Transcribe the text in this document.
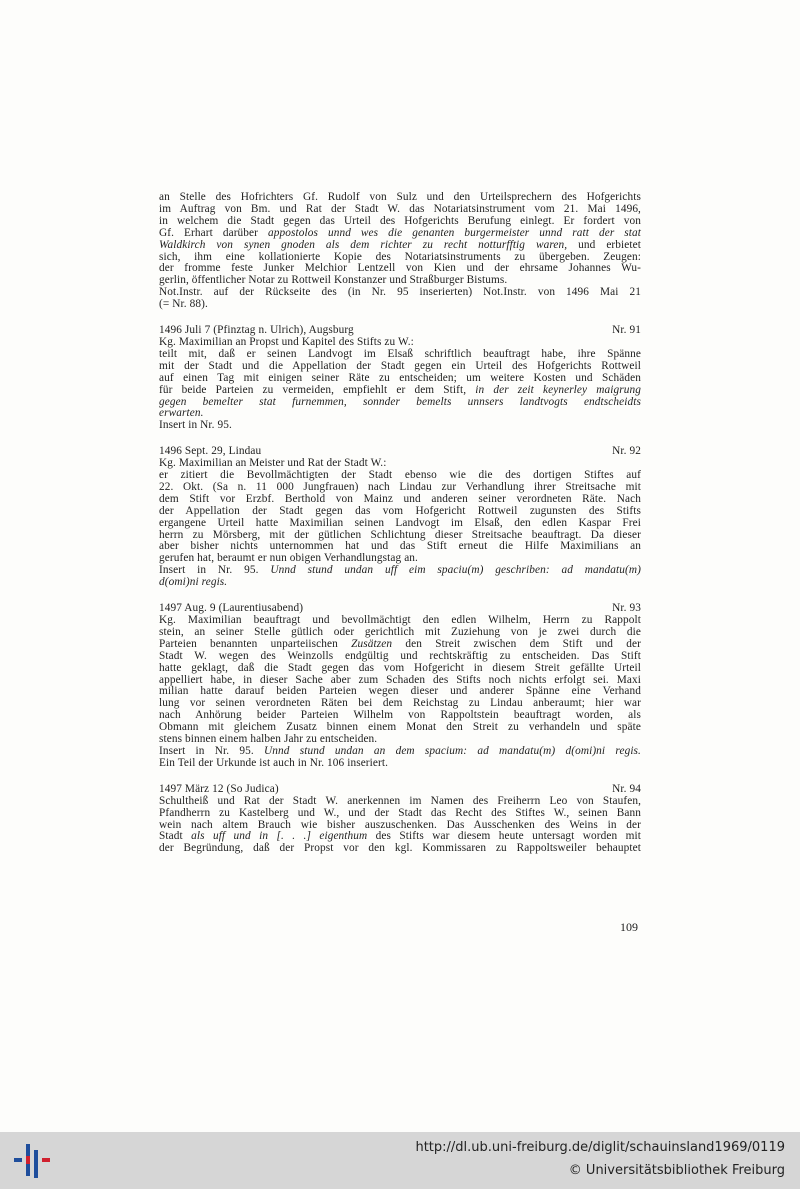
an Stelle des Hofrichters Gf. Rudolf von Sulz und den Urteilsprechern des Hofgerichts
im Auftrag von Bm. und Rat der Stadt W. das Notariatsinstrument vom 21. Mai 1496,
in welchem die Stadt gegen das Urteil des Hofgerichts Berufung einlegt. Er fordert von
Gf. Erhart darüber appostolos unnd wes die genanten burgermeister unnd ratt der stat
Waldkirch von synen gnoden als dem richter zu recht notturfftig waren, und erbietet
sich, ihm eine kollationierte Kopie des Notariatsinstruments zu übergeben. Zeugen:
der fromme feste Junker Melchior Lentzell von Kien und der ehrsame Johannes Wu-
gerlin, öffentlicher Notar zu Rottweil Konstanzer und Straßburger Bistums.
Not.Instr. auf der Rückseite des (in Nr. 95 inserierten) Not.Instr. von 1496 Mai 21
(= Nr. 88).
1496 Juli 7 (Pfinztag n. Ulrich), Augsburg	Nr. 91
Kg. Maximilian an Propst und Kapitel des Stifts zu W.:
teilt mit, daß er seinen Landvogt im Elsaß schriftlich beauftragt habe, ihre Spänne
mit der Stadt und die Appellation der Stadt gegen ein Urteil des Hofgerichts Rottweil
auf einen Tag mit einigen seiner Räte zu entscheiden; um weitere Kosten und Schäden
für beide Parteien zu vermeiden, empfiehlt er dem Stift, in der zeit keynerley maigrung
gegen bemelter stat furnemmen, sonnder bemelts unnsers landtvogts endtscheidts
erwarten.
Insert in Nr. 95.
1496 Sept. 29, Lindau	Nr. 92
Kg. Maximilian an Meister und Rat der Stadt W.:
er zitiert die Bevollmächtigten der Stadt ebenso wie die des dortigen Stiftes auf
22. Okt. (Sa n. 11 000 Jungfrauen) nach Lindau zur Verhandlung ihrer Streitsache mit
dem Stift vor Erzbf. Berthold von Mainz und anderen seiner verordneten Räte. Nach
der Appellation der Stadt gegen das vom Hofgericht Rottweil zugunsten des Stifts
ergangene Urteil hatte Maximilian seinen Landvogt im Elsaß, den edlen Kaspar Frei
herrn zu Mörsberg, mit der gütlichen Schlichtung dieser Streitsache beauftragt. Da dieser
aber bisher nichts unternommen hat und das Stift erneut die Hilfe Maximilians an
gerufen hat, beraumt er nun obigen Verhandlungstag an.
Insert in Nr. 95. Unnd stund undan uff eim spaciu(m) geschriben: ad mandatu(m)
d(omi)ni regis.
1497 Aug. 9 (Laurentiusabend)	Nr. 93
Kg. Maximilian beauftragt und bevollmächtigt den edlen Wilhelm, Herrn zu Rappolt
stein, an seiner Stelle gütlich oder gerichtlich mit Zuziehung von je zwei durch die
Parteien benannten unparteiischen Zusätzen den Streit zwischen dem Stift und der
Stadt W. wegen des Weinzolls endgültig und rechtskräftig zu entscheiden. Das Stift
hatte geklagt, daß die Stadt gegen das vom Hofgericht in diesem Streit gefällte Urteil
appelliert habe, in dieser Sache aber zum Schaden des Stifts noch nichts erfolgt sei. Maxi
milian hatte darauf beiden Parteien wegen dieser und anderer Spänne eine Verhand
lung vor seinen verordneten Räten bei dem Reichstag zu Lindau anberaumt; hier war
nach Anhörung beider Parteien Wilhelm von Rappoltstein beauftragt worden, als
Obmann mit gleichem Zusatz binnen einem Monat den Streit zu verhandeln und späte
stens binnen einem halben Jahr zu entscheiden.
Insert in Nr. 95. Unnd stund undan an dem spacium: ad mandatu(m) d(omi)ni regis.
Ein Teil der Urkunde ist auch in Nr. 106 inseriert.
1497 März 12 (So Judica)	Nr. 94
Schultheiß und Rat der Stadt W. anerkennen im Namen des Freiherrn Leo von Staufen,
Pfandherrn zu Kastelberg und W., und der Stadt das Recht des Stiftes W., seinen Bann
wein nach altem Brauch wie bisher auszuschenken. Das Ausschenken des Weins in der
Stadt als uff und in [. . .] eigenthum des Stifts war diesem heute untersagt worden mit
der Begründung, daß der Propst vor den kgl. Kommissaren zu Rappoltsweiler behauptet
109
http://dl.ub.uni-freiburg.de/diglit/schauinsland1969/0119
© Universitätsbibliothek Freiburg
